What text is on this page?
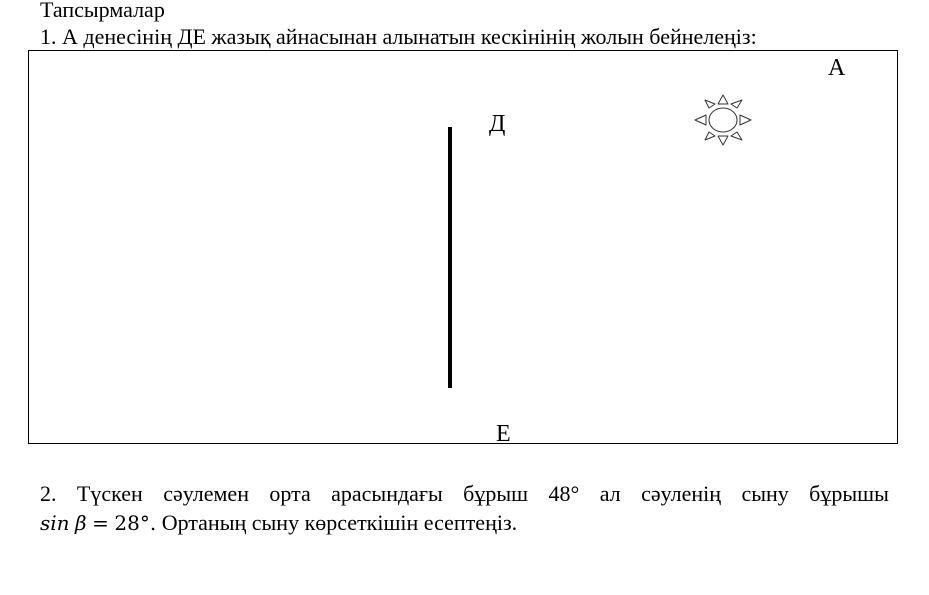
Тапсырмалар
1. А денесінің ДЕ жазық айнасынан алынатын кескінінің жолын бейнелеңіз:
А
Д
Е
2. Түскен сәулемен орта арасындағы бұрыш 48° ал сәуленің сыну бұрышы
sin β = 28°. Ортаның сыну көрсеткішін есептеңіз.
